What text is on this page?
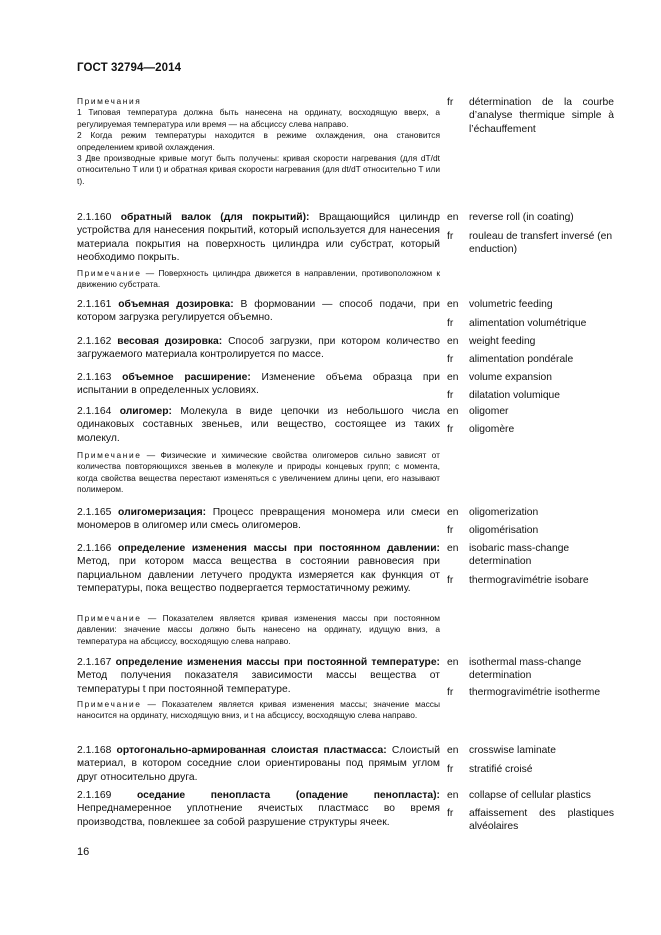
ГОСТ 32794—2014

Примечания

1 Типовая температура должна быть нанесена на ординату, восходящую вверх, а регулируемая температура или время — на абсциссу слева направо.

2 Когда режим температуры находится в режиме охлаждения, она становится определением кривой охлаждения.

3 Две производные кривые могут быть получены: кривая скорости нагревания (для dT/dt относительно T или t) и обратная кривая скорости нагревания (для dt/dT относительно T или t).

fr détermination de la courbe d’analyse thermique simple à l’échauffement
2.1.160 обратный валок (для покрытий): Вращающийся цилиндр устройства для нанесения покрытий, который используется для нанесения материала покрытия на поверхность цилиндра или субстрат, который необходимо покрыть.
Примечание — Поверхность цилиндра движется в направлении, противоположном к движению субстрата.
en reverse roll (in coating)
fr rouleau de transfert inversé (en enduction)
2.1.161 объемная дозировка: В формовании — способ подачи, при котором загрузка регулируется объемно.
en volumetric feeding
fr alimentation volumétrique
2.1.162 весовая дозировка: Способ загрузки, при котором количество загружаемого материала контролируется по массе.
en weight feeding
fr alimentation pondérale
2.1.163 объемное расширение: Изменение объема образца при испытании в определенных условиях.
en volume expansion
fr dilatation volumique
2.1.164 олигомер: Молекула в виде цепочки из небольшого числа одинаковых составных звеньев, или вещество, состоящее из таких молекул.
Примечание — Физические и химические свойства олигомеров сильно зависят от количества повторяющихся звеньев в молекуле и природы концевых групп; с момента, когда свойства вещества перестают изменяться с увеличением длины цепи, его называют полимером.
en oligomer
fr oligomère
2.1.165 олигомеризация: Процесс превращения мономера или смеси мономеров в олигомер или смесь олигомеров.
en oligomerization
fr oligomérisation
2.1.166 определение изменения массы при постоянном давлении: Метод, при котором масса вещества в состоянии равновесия при парциальном давлении летучего продукта измеряется как функция от температуры, пока вещество подвергается термостатичному режиму.
Примечание — Показателем является кривая изменения массы при постоянном давлении: значение массы должно быть нанесено на ординату, идущую вниз, а температура на абсциссу, восходящую слева направо.
en isobaric mass-change determination
fr thermogravimétrie isobare
2.1.167 определение изменения массы при постоянной температуре: Метод получения показателя зависимости массы вещества от температуры t при постоянной температуре.
Примечание — Показателем является кривая изменения массы; значение массы наносится на ординату, нисходящую вниз, и t на абсциссу, восходящую слева направо.
en isothermal mass-change determination
fr thermogravimétrie isotherme
2.1.168 ортогонально-армированная слоистая пластмасса: Слоистый материал, в котором соседние слои ориентированы под прямым углом друг относительно друга.
en crosswise laminate
fr stratifié croisé
2.1.169 оседание пенопласта (опадение пенопласта): Непреднамеренное уплотнение ячеистых пластмасс во время производства, повлекшее за собой разрушение структуры ячеек.
en collapse of cellular plastics
fr affaissement des plastiques alvéolaires
16
